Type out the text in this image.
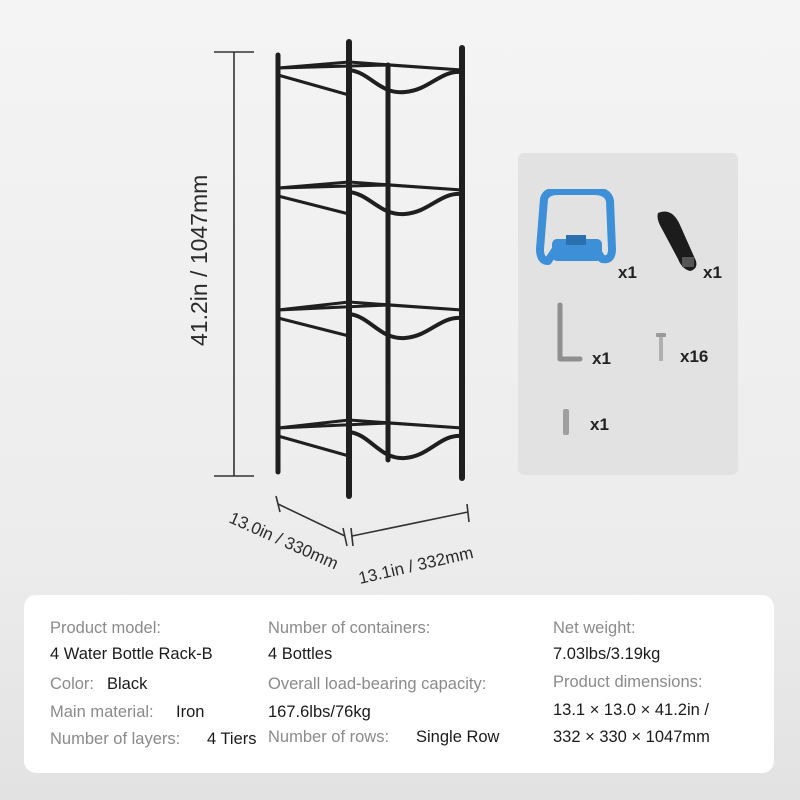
41.2in / 1047mm
13.0in / 330mm 13.1in / 332mm
x1	x1
x1	x16
x1
Product model:
4 Water Bottle Rack-B
Color: Black
Main material: Iron
Number of layers: 4 Tiers
Number of containers:
4 Bottles
Overall load-bearing capacity:
167.6lbs/76kg
Number of rows: Single Row
Net weight:
7.03lbs/3.19kg
Product dimensions:
13.1 × 13.0 × 41.2in /
332 × 330 × 1047mm
